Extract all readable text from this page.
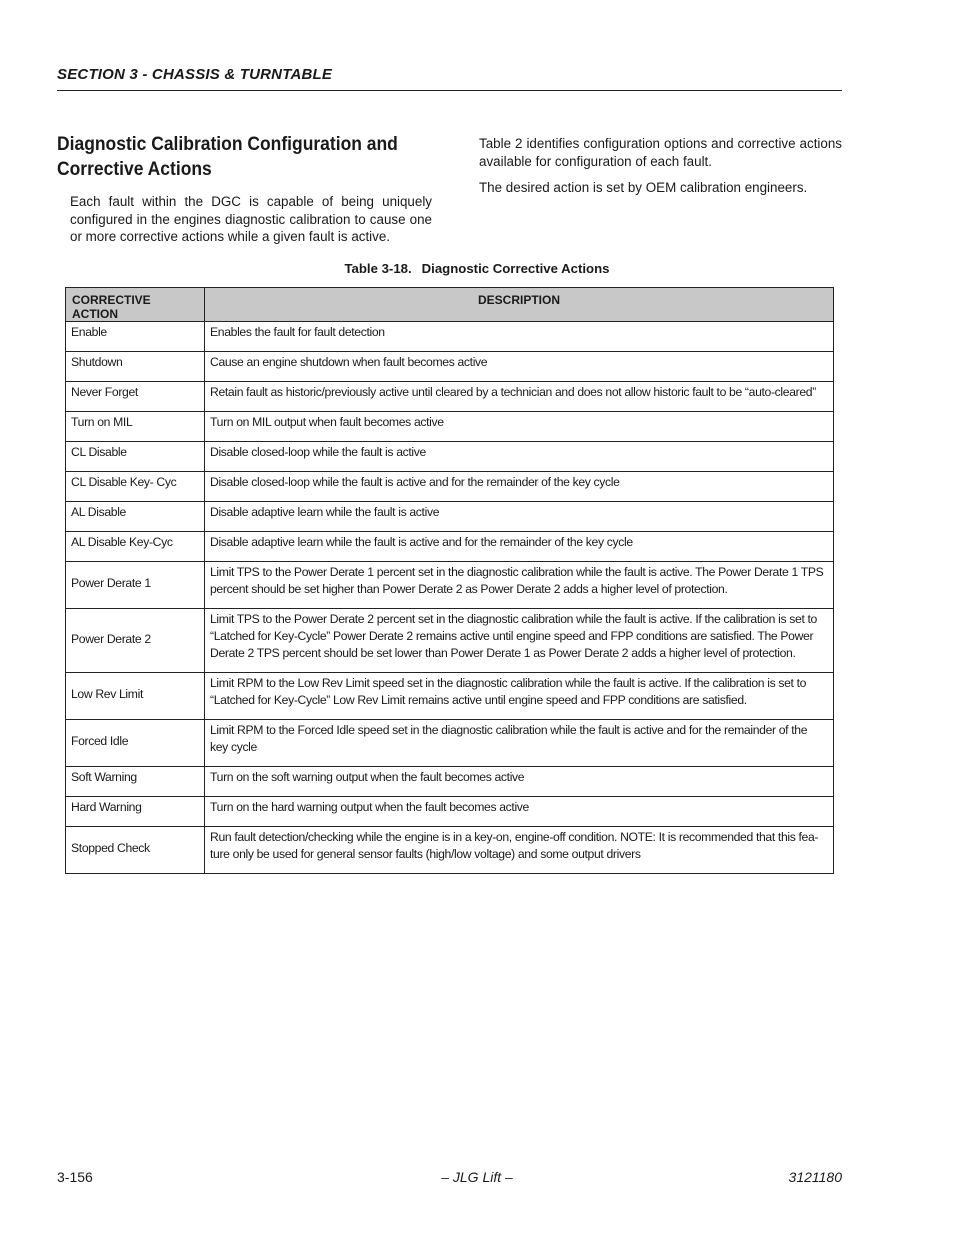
SECTION 3 - CHASSIS & TURNTABLE
Diagnostic Calibration Configuration and Corrective Actions

Each fault within the DGC is capable of being uniquely configured in the engines diagnostic calibration to cause one or more corrective actions while a given fault is active.

Table 2 identifies configuration options and corrective actions available for configuration of each fault.

The desired action is set by OEM calibration engineers.

Table 3-18. Diagnostic Corrective Actions
CORRECTIVE ACTION	DESCRIPTION
Enable	Enables the fault for fault detection
Shutdown	Cause an engine shutdown when fault becomes active
Never Forget	Retain fault as historic/previously active until cleared by a technician and does not allow historic fault to be “auto-cleared”
Turn on MIL	Turn on MIL output when fault becomes active
CL Disable	Disable closed-loop while the fault is active
CL Disable Key- Cyc	Disable closed-loop while the fault is active and for the remainder of the key cycle
AL Disable	Disable adaptive learn while the fault is active
AL Disable Key-Cyc	Disable adaptive learn while the fault is active and for the remainder of the key cycle
Power Derate 1	Limit TPS to the Power Derate 1 percent set in the diagnostic calibration while the fault is active. The Power Derate 1 TPS percent should be set higher than Power Derate 2 as Power Derate 2 adds a higher level of protection.
Power Derate 2	Limit TPS to the Power Derate 2 percent set in the diagnostic calibration while the fault is active. If the calibration is set to “Latched for Key-Cycle” Power Derate 2 remains active until engine speed and FPP conditions are satisfied. The Power Derate 2 TPS percent should be set lower than Power Derate 1 as Power Derate 2 adds a higher level of protection.
Low Rev Limit	Limit RPM to the Low Rev Limit speed set in the diagnostic calibration while the fault is active. If the calibration is set to “Latched for Key-Cycle” Low Rev Limit remains active until engine speed and FPP conditions are satisfied.
Forced Idle	Limit RPM to the Forced Idle speed set in the diagnostic calibration while the fault is active and for the remainder of the key cycle
Soft Warning	Turn on the soft warning output when the fault becomes active
Hard Warning	Turn on the hard warning output when the fault becomes active
Stopped Check	Run fault detection/checking while the engine is in a key-on, engine-off condition. NOTE: It is recommended that this feature only be used for general sensor faults (high/low voltage) and some output drivers
3-156	– JLG Lift –	3121180
